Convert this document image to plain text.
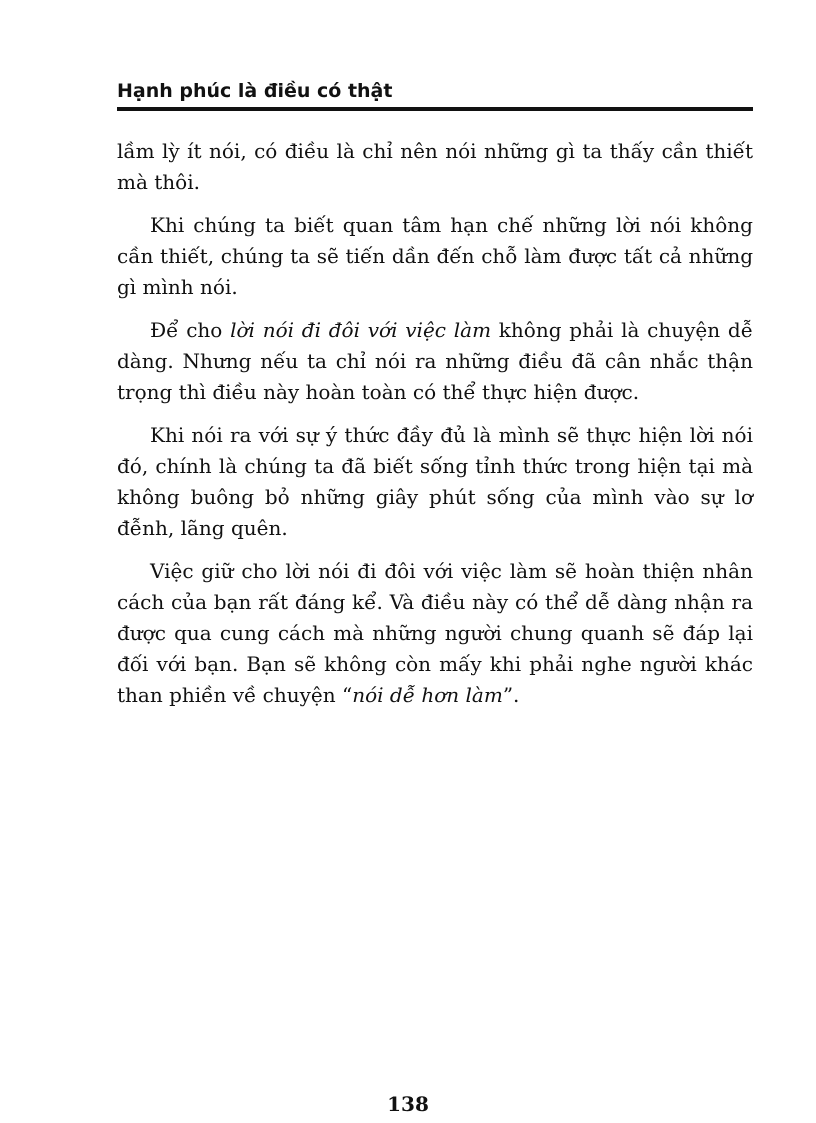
Hạnh phúc là điều có thật

lầm lỳ ít nói, có điều là chỉ nên nói những gì ta thấy cần thiết mà thôi.

Khi chúng ta biết quan tâm hạn chế những lời nói không cần thiết, chúng ta sẽ tiến dần đến chỗ làm được tất cả những gì mình nói.

Để cho lời nói đi đôi với việc làm không phải là chuyện dễ dàng. Nhưng nếu ta chỉ nói ra những điều đã cân nhắc thận trọng thì điều này hoàn toàn có thể thực hiện được.

Khi nói ra với sự ý thức đầy đủ là mình sẽ thực hiện lời nói đó, chính là chúng ta đã biết sống tỉnh thức trong hiện tại mà không buông bỏ những giây phút sống của mình vào sự lơ đễnh, lãng quên.

Việc giữ cho lời nói đi đôi với việc làm sẽ hoàn thiện nhân cách của bạn rất đáng kể. Và điều này có thể dễ dàng nhận ra được qua cung cách mà những người chung quanh sẽ đáp lại đối với bạn. Bạn sẽ không còn mấy khi phải nghe người khác than phiền về chuyện “nói dễ hơn làm”.

138
